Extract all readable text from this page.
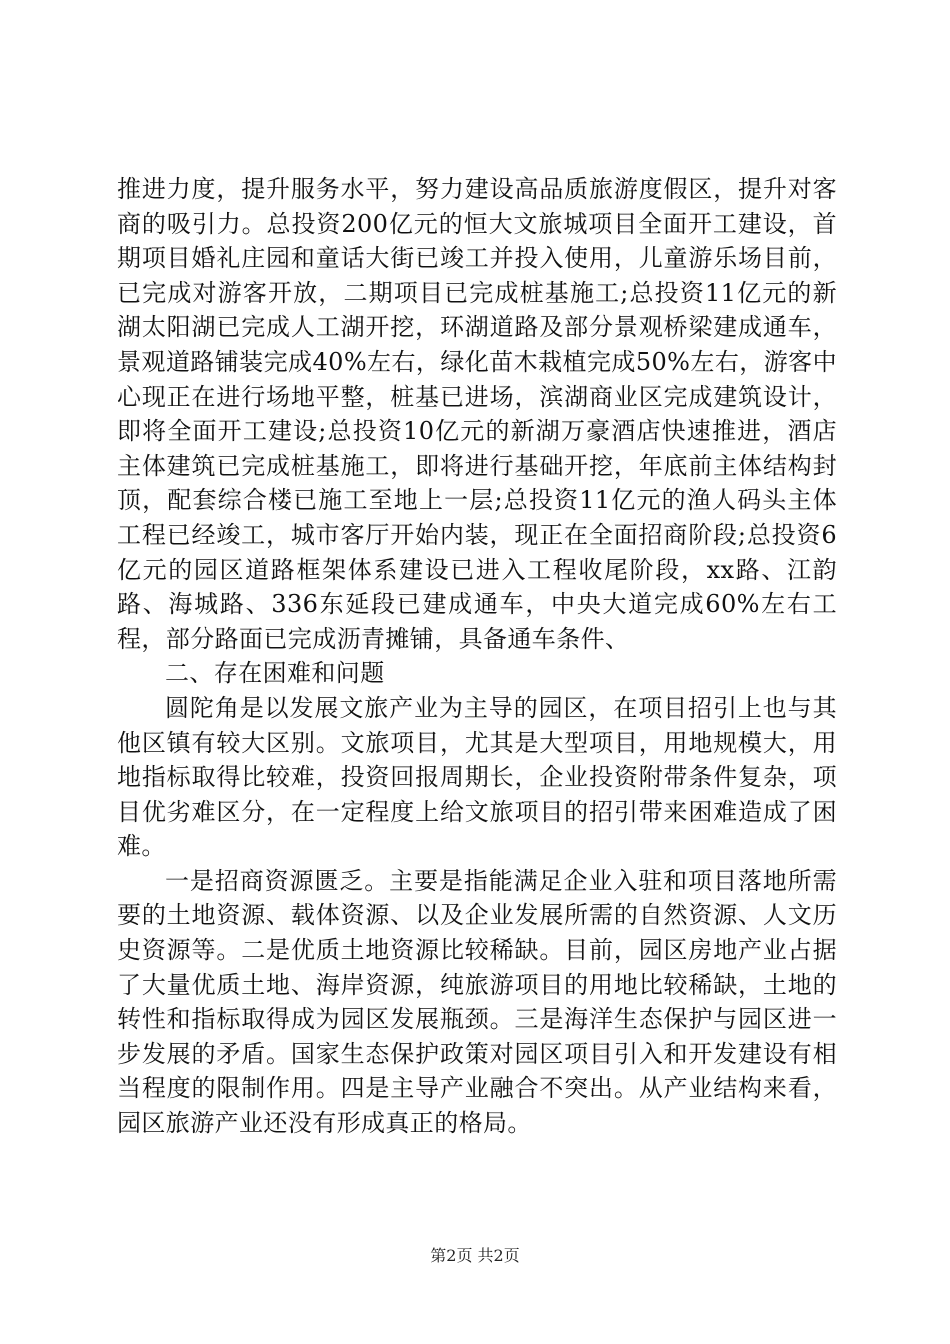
推进力度，提升服务水平，努力建设高品质旅游度假区，提升对客商的吸引力。总投资200亿元的恒大文旅城项目全面开工建设，首期项目婚礼庄园和童话大街已竣工并投入使用，儿童游乐场目前，已完成对游客开放，二期项目已完成桩基施工;总投资11亿元的新湖太阳湖已完成人工湖开挖，环湖道路及部分景观桥梁建成通车，景观道路铺装完成40%左右，绿化苗木栽植完成50%左右，游客中心现正在进行场地平整，桩基已进场，滨湖商业区完成建筑设计，即将全面开工建设;总投资10亿元的新湖万豪酒店快速推进，酒店主体建筑已完成桩基施工，即将进行基础开挖，年底前主体结构封顶，配套综合楼已施工至地上一层;总投资11亿元的渔人码头主体工程已经竣工，城市客厅开始内装，现正在全面招商阶段;总投资6亿元的园区道路框架体系建设已进入工程收尾阶段，xx路、江韵路、海城路、336东延段已建成通车，中央大道完成60%左右工程，部分路面已完成沥青摊铺，具备通车条件、

二、存在困难和问题

圆陀角是以发展文旅产业为主导的园区，在项目招引上也与其他区镇有较大区别。文旅项目，尤其是大型项目，用地规模大，用地指标取得比较难，投资回报周期长，企业投资附带条件复杂，项目优劣难区分，在一定程度上给文旅项目的招引带来困难造成了困难。

一是招商资源匮乏。主要是指能满足企业入驻和项目落地所需要的土地资源、载体资源、以及企业发展所需的自然资源、人文历史资源等。二是优质土地资源比较稀缺。目前，园区房地产业占据了大量优质土地、海岸资源，纯旅游项目的用地比较稀缺，土地的转性和指标取得成为园区发展瓶颈。三是海洋生态保护与园区进一步发展的矛盾。国家生态保护政策对园区项目引入和开发建设有相当程度的限制作用。四是主导产业融合不突出。从产业结构来看，园区旅游产业还没有形成真正的格局。

第2页 共2页
